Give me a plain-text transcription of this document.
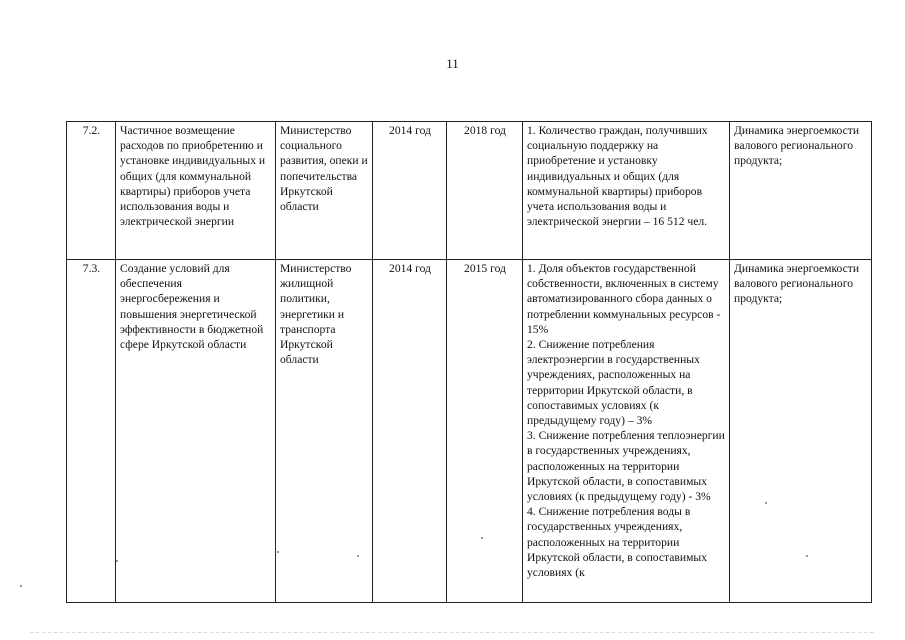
11
7.2.	Частичное возмещение расходов по приобретению и установке индивидуальных и общих (для коммунальной квартиры) приборов учета использования воды и электрической энергии	Министерство социального развития, опеки и попечительства Иркутской области	2014 год	2018 год	1. Количество граждан, получивших социальную поддержку на приобретение и установку индивидуальных и общих (для коммунальной квартиры) приборов учета использования воды и электрической энергии – 16 512 чел.	Динамика энергоемкости валового регионального продукта;
7.3.	Создание условий для обеспечения энергосбережения и повышения энергетической эффективности в бюджетной сфере Иркутской области	Министерство жилищной политики, энергетики и транспорта Иркутской области	2014 год	2015 год	1. Доля объектов государственной собственности, включенных в систему автоматизированного сбора данных о потреблении коммунальных ресурсов - 15%
2. Снижение потребления электроэнергии в государственных учреждениях, расположенных на территории Иркутской области, в сопоставимых условиях (к предыдущему году) – 3%
3. Снижение потребления теплоэнергии в государственных учреждениях, расположенных на территории Иркутской области, в сопоставимых условиях (к предыдущему году) - 3%
4. Снижение потребления воды в государственных учреждениях, расположенных на территории Иркутской области, в сопоставимых условиях (к	Динамика энергоемкости валового регионального продукта;
